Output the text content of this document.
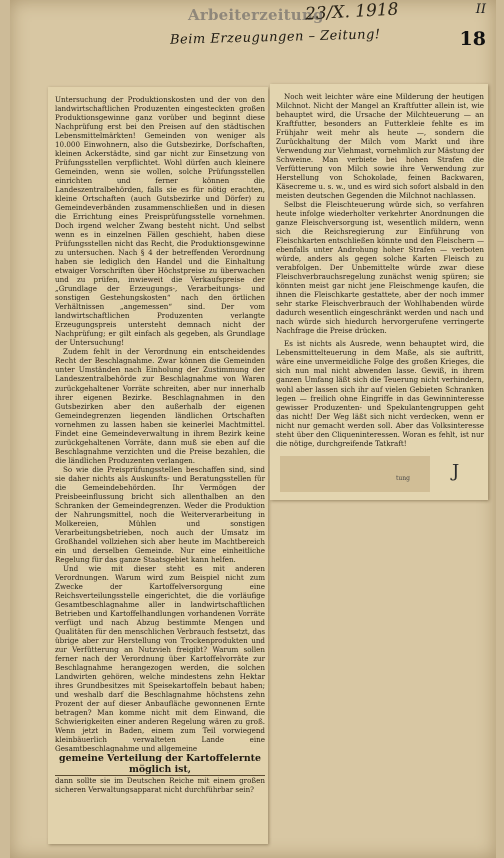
Arbeiterzeitung
23/X. 1918	II
18
Beim Erzeugungen – Zeitung!
J
tung

Untersuchung der Produktionskosten und der von den landwirtschaftlichen Produzenten eingesteckten großen Produktionsgewinne ganz vorüber und beginnt diese Nachprüfung erst bei den Preisen auf den städtischen Lebensmittelmärkten! Gemeinden von weniger als 10.000 Einwohnern, also die Gutsbezirke, Dorfschaften, kleinen Ackerstädte, sind gar nicht zur Einsetzung von Prüfungsstellen verpflichtet. Wohl dürfen auch kleinere Gemeinden, wenn sie wollen, solche Prüfungsstellen einrichten und ferner können die Landeszentralbehörden, falls sie es für nötig erachten, kleine Ortschaften (auch Gutsbezirke und Dörfer) zu Gemeindeverbänden zusammenschließen und in diesen die Errichtung eines Preisprüfungsstelle vornehmen. Doch irgend welcher Zwang besteht nicht. Und selbst wenn es in einzelnen Fällen geschieht, haben diese Prüfungsstellen nicht das Recht, die Produktionsgewinne zu untersuchen. Nach § 4 der betreffenden Verordnung haben sie lediglich den Handel und die Einhaltung etwaiger Vorschriften über Höchstpreise zu überwachen und zu prüfen, inwieweit die Verkaufspreise der „Grundlage der Erzeugungs-, Verarbeitungs- und sonstigen Gestehungskosten“ nach den örtlichen Verhältnissen „angemessen“ sind. Der vom landwirtschaftlichen Produzenten verlangte Erzeugungspreis untersteht demnach nicht der Nachprüfung; er gilt einfach als gegeben, als Grundlage der Untersuchung!

Zudem fehlt in der Verordnung ein entscheidendes Recht der Beschlagnahme. Zwar können die Gemeinden unter Umständen nach Einholung der Zustimmung der Landeszentralbehörde zur Beschlagnahme von Waren zurückgehaltener Vorräte schreiten, aber nur innerhalb ihrer eigenen Bezirke. Beschlagnahmen in den Gutsbezirken aber den außerhalb der eigenen Gemeindegrenzen liegenden ländlichen Ortschaften vornehmen zu lassen haben sie keinerlei Machtmittel. Findet eine Gemeindeverwaltung in ihrem Bezirk keine zurückgehaltenen Vorräte, dann muß sie eben auf die Beschlagnahme verzichten und die Preise bezahlen, die die ländlichen Produzenten verlangen.

So wie die Preisprüfungsstellen beschaffen sind, sind sie daher nichts als Auskunfts- und Beratungsstellen für die Gemeindebehörden. Ihr Vermögen der Preisbeeinflussung bricht sich allenthalben an den Schranken der Gemeindegrenzen. Weder die Produktion der Nahrungsmittel, noch die Weiterverarbeitung in Molkereien, Mühlen und sonstigen Verarbeitungsbetrieben, noch auch der Umsatz im Großhandel vollziehen sich aber heute im Machtbereich ein und derselben Gemeinde. Nur eine einheitliche Regelung für das ganze Staatsgebiet kann helfen.

Und wie mit dieser steht es mit anderen Verordnungen. Warum wird zum Beispiel nicht zum Zwecke der Kartoffelversorgung eine Reichsverteilungsstelle eingerichtet, die die vorläufige Gesamtbeschlagnahme aller in landwirtschaftlichen Betrieben und Kartoffelhandlungen vorhandenen Vorräte verfügt und nach Abzug bestimmte Mengen und Qualitäten für den menschlichen Verbrauch festsetzt, das übrige aber zur Herstellung von Trockenprodukten und zur Verfütterung an Nutzvieh freigibt? Warum sollen ferner nach der Verordnung über Kartoffelvorräte zur Beschlagnahme herangezogen werden, die solchen Landwirten gehören, welche mindestens zehn Hektar ihres Grundbesitzes mit Speisekartoffeln bebaut haben; und weshalb darf die Beschlagnahme höchstens zehn Prozent der auf dieser Anbaufläche gewonnenen Ernte betragen? Man komme nicht mit dem Einwand, die Schwierigkeiten einer anderen Regelung wären zu groß. Wenn jetzt in Baden, einem zum Teil vorwiegend kleinbäuerlich verwalteten Lande eine Gesamtbeschlagnahme und allgemeine

gemeine Verteilung der Kartoffelernte möglich ist,

dann sollte sie im Deutschen Reiche mit einem großen sicheren Verwaltungsapparat nicht durchführbar sein?

Noch weit leichter wäre eine Milderung der heutigen Milchnot. Nicht der Mangel an Kraftfutter allein ist, wie behauptet wird, die Ursache der Milchteuerung — an Kraftfutter, besonders an Futterkleie fehlte es im Frühjahr weit mehr als heute —, sondern die Zurückhaltung der Milch vom Markt und ihre Verwendung zur Viehmast, vornehmlich zur Mästung der Schweine. Man verbiete bei hohen Strafen die Verfütterung von Milch sowie ihre Verwendung zur Herstellung von Schokolade, feinen Backwaren, Käsecreme u. s. w., und es wird sich sofort alsbald in den meisten deutschen Gegenden die Milchnot nachlassen.

Selbst die Fleischteuerung würde sich, so verfahren heute infolge wiederholter verkehrter Anordnungen die ganze Fleischversorgung ist, wesentlich mildern, wenn sich die Reichsregierung zur Einführung von Fleischkarten entschließen könnte und den Fleischern — ebenfalls unter Androhung hoher Strafen — verboten würde, anders als gegen solche Karten Fleisch zu verabfolgen. Der Unbemittelte würde zwar diese Fleischverbrauchsregelung zunächst wenig spüren; sie könnten meist gar nicht jene Fleischmenge kaufen, die ihnen die Fleischkarte gestattete, aber der noch immer sehr starke Fleischverbrauch der Wohlhabenden würde dadurch wesentlich eingeschränkt werden und nach und nach würde sich hiedurch hervorgerufene verringerte Nachfrage die Preise drücken.

Es ist nichts als Ausrede, wenn behauptet wird, die Lebensmittelteuerung in dem Maße, als sie auftritt, wäre eine unvermeidliche Folge des großen Krieges, die sich nun mal nicht abwenden lasse. Gewiß, in ihrem ganzen Umfang läßt sich die Teuerung nicht verhindern, wohl aber lassen sich ihr auf vielen Gebieten Schranken legen — freilich ohne Eingriffe in das Gewinninteresse gewisser Produzenten- und Spekulantengruppen geht das nicht! Der Weg läßt sich nicht verdecken, wenn er nicht nur gemacht werden soll. Aber das Volksinteresse steht über den Cliqueninteressen. Woran es fehlt, ist nur die nötige, durchgreifende Tatkraft!
